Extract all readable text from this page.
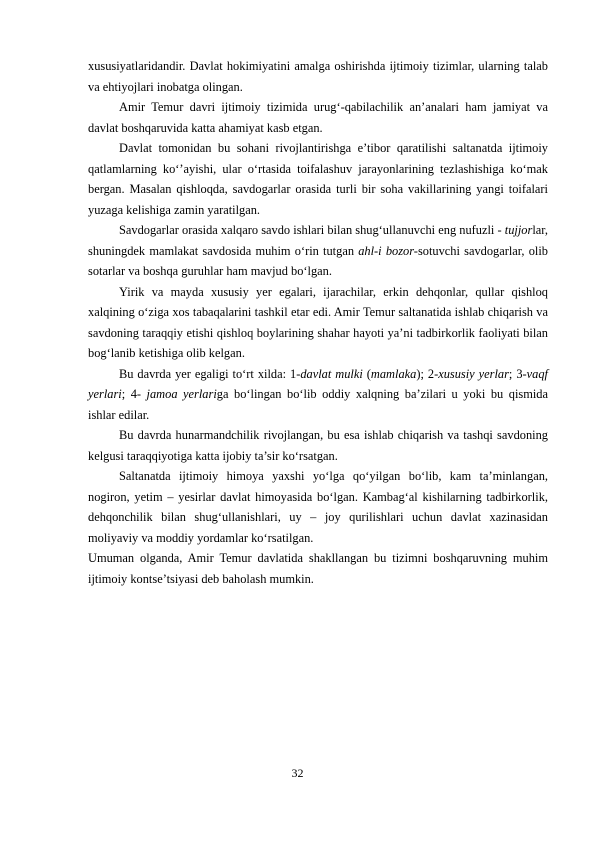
xususiyatlaridandir. Davlat hokimiyatini amalga oshirishda ijtimoiy tizimlar, ularning talab va ehtiyojlari inobatga olingan.

Amir Temur davri ijtimoiy tizimida urug‘-qabilachilik an’analari ham jamiyat va davlat boshqaruvida katta ahamiyat kasb etgan.

Davlat tomonidan bu sohani rivojlantirishga e’tibor qaratilishi saltanatda ijtimoiy qatlamlarning ko‘’ayishi, ular o‘rtasida toifalashuv jarayonlarining tezlashishiga ko‘mak bergan. Masalan qishloqda, savdogarlar orasida turli bir soha vakillarining yangi toifalari yuzaga kelishiga zamin yaratilgan.

Savdogarlar orasida xalqaro savdo ishlari bilan shug‘ullanuvchi eng nufuzli - tujjorlar, shuningdek mamlakat savdosida muhim o‘rin tutgan ahl-i bozor-sotuvchi savdogarlar, olib sotarlar va boshqa guruhlar ham mavjud bo‘lgan.

Yirik va mayda xususiy yer egalari, ijarachilar, erkin dehqonlar, qullar qishloq xalqining o‘ziga xos tabaqalarini tashkil etar edi. Amir Temur saltanatida ishlab chiqarish va savdoning taraqqiy etishi qishloq boylarining shahar hayoti ya’ni tadbirkorlik faoliyati bilan bog‘lanib ketishiga olib kelgan.

Bu davrda yer egaligi to‘rt xilda: 1-davlat mulki (mamlaka); 2-xususiy yerlar; 3-vaqf yerlari; 4- jamoa yerlariga bo‘lingan bo‘lib oddiy xalqning ba’zilari u yoki bu qismida ishlar edilar.

Bu davrda hunarmandchilik rivojlangan, bu esa ishlab chiqarish va tashqi savdoning kelgusi taraqqiyotiga katta ijobiy ta’sir ko‘rsatgan.

Saltanatda ijtimoiy himoya yaxshi yo‘lga qo‘yilgan bo‘lib, kam ta’minlangan, nogiron, yetim – yesirlar davlat himoyasida bo‘lgan. Kambag‘al kishilarning tadbirkorlik, dehqonchilik bilan shug‘ullanishlari, uy – joy qurilishlari uchun davlat xazinasidan moliyaviy va moddiy yordamlar ko‘rsatilgan.

Umuman olganda, Amir Temur davlatida shakllangan bu tizimni boshqaruvning muhim ijtimoiy kontse’tsiyasi deb baholash mumkin.

32
